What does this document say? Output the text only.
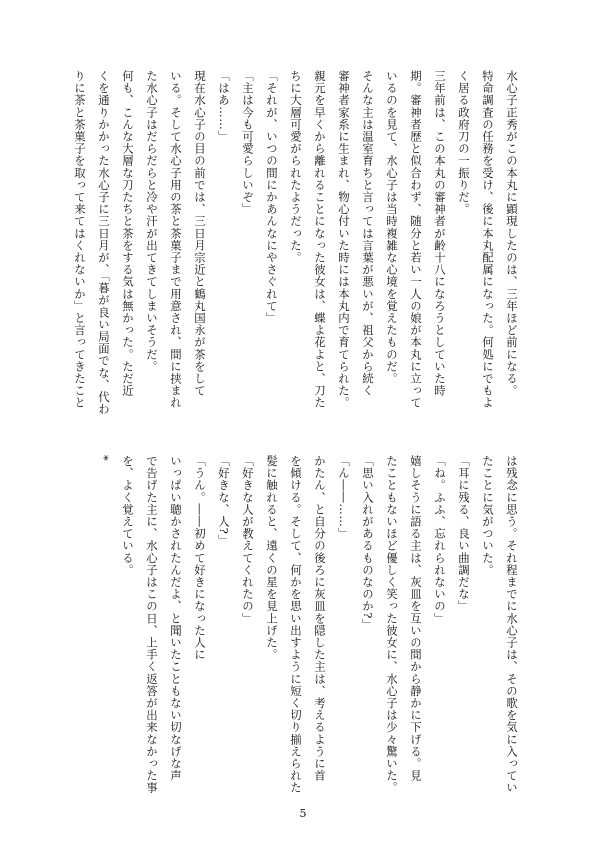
水心子正秀がこの本丸に顕現したのは、三年ほど前になる。
特命調査の任務を受け、後に本丸配属になった。何処にでもよ
く居る政府刀の一振りだ。
三年前は、この本丸の審神者が齢十八になろうとしていた時
期。審神者歴と似合わず、随分と若い一人の娘が本丸に立って
いるのを見て、水心子は当時複雑な心境を覚えたものだ。
そんな主は温室育ちと言っては言葉が悪いが、祖父から続く
審神者家系に生まれ、物心付いた時には本丸内で育てられた。
親元を早くから離れることになった彼女は、蝶よ花よと、刀た
ちに大層可愛がられたようだった。
「それが、いつの間にかあんなにやさぐれて」
「主は今も可愛らしいぞ」
「はあ……」
現在水心子の目の前では、三日月宗近と鶴丸国永が茶をして
いる。そして水心子用の茶と茶菓子まで用意され、間に挟まれ
た水心子はだらだらと冷や汗が出てきてしまいそうだ。
何も、こんな大層な刀たちと茶をする気は無かった。ただ近
くを通りかかった水心子に三日月が、「暮が良い局面でな、代わ
りに茶と茶菓子を取って来てはくれないか」と言ってきたこと
は残念に思う。それ程までに水心子は、その歌を気に入ってい
たことに気がついた。
「耳に残る、良い曲調だな」
「ね。ふふ、忘れられないの」
嬉しそうに語る主は、灰皿を互いの間から静かに下げる。見
たこともないほど優しく笑った彼女に、水心子は少々驚いた。
「思い入れがあるものなのか?」
「ん――……」
かたん、と自分の後ろに灰皿を隠した主は、考えるように首
を傾ける。そして、何かを思い出すように短く切り揃えられた
髪に触れると、遠くの星を見上げた。
「好きな人が教えてくれたの」
「好きな、人?」
「うん。――初めて好きになった人に
いっぱい聴かされたんだよ、と聞いたこともない切なげな声
で告げた主に、水心子はこの日、上手く返答が出来なかった事
を、よく覚えている。
*
5
